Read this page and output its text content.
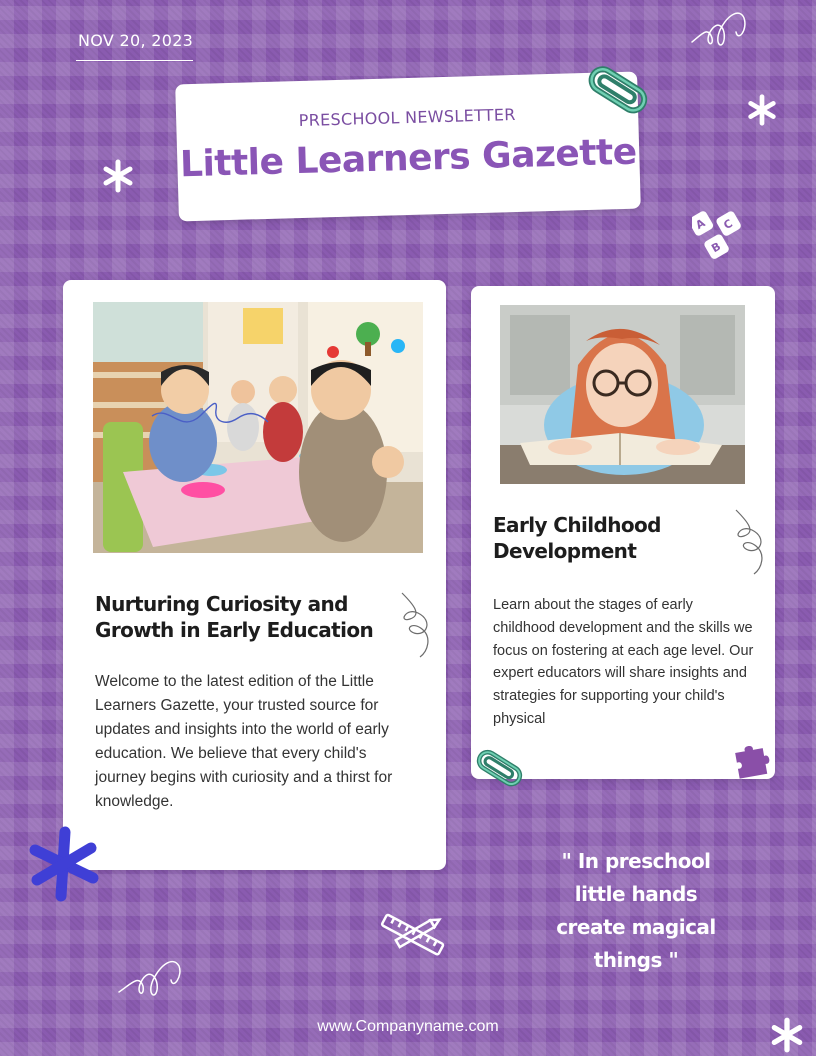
NOV 20, 2023
PRESCHOOL NEWSLETTER
Little Learners Gazette
A C
B
Nurturing Curiosity and Growth in Early Education
Welcome to the latest edition of the Little Learners Gazette, your trusted source for updates and insights into the world of early education. We believe that every child's journey begins with curiosity and a thirst for knowledge.
Early Childhood Development
Learn about the stages of early childhood development and the skills we focus on fostering at each age level. Our expert educators will share insights and strategies for supporting your child's physical
" In preschool little hands create magical things "
www.Companyname.com
